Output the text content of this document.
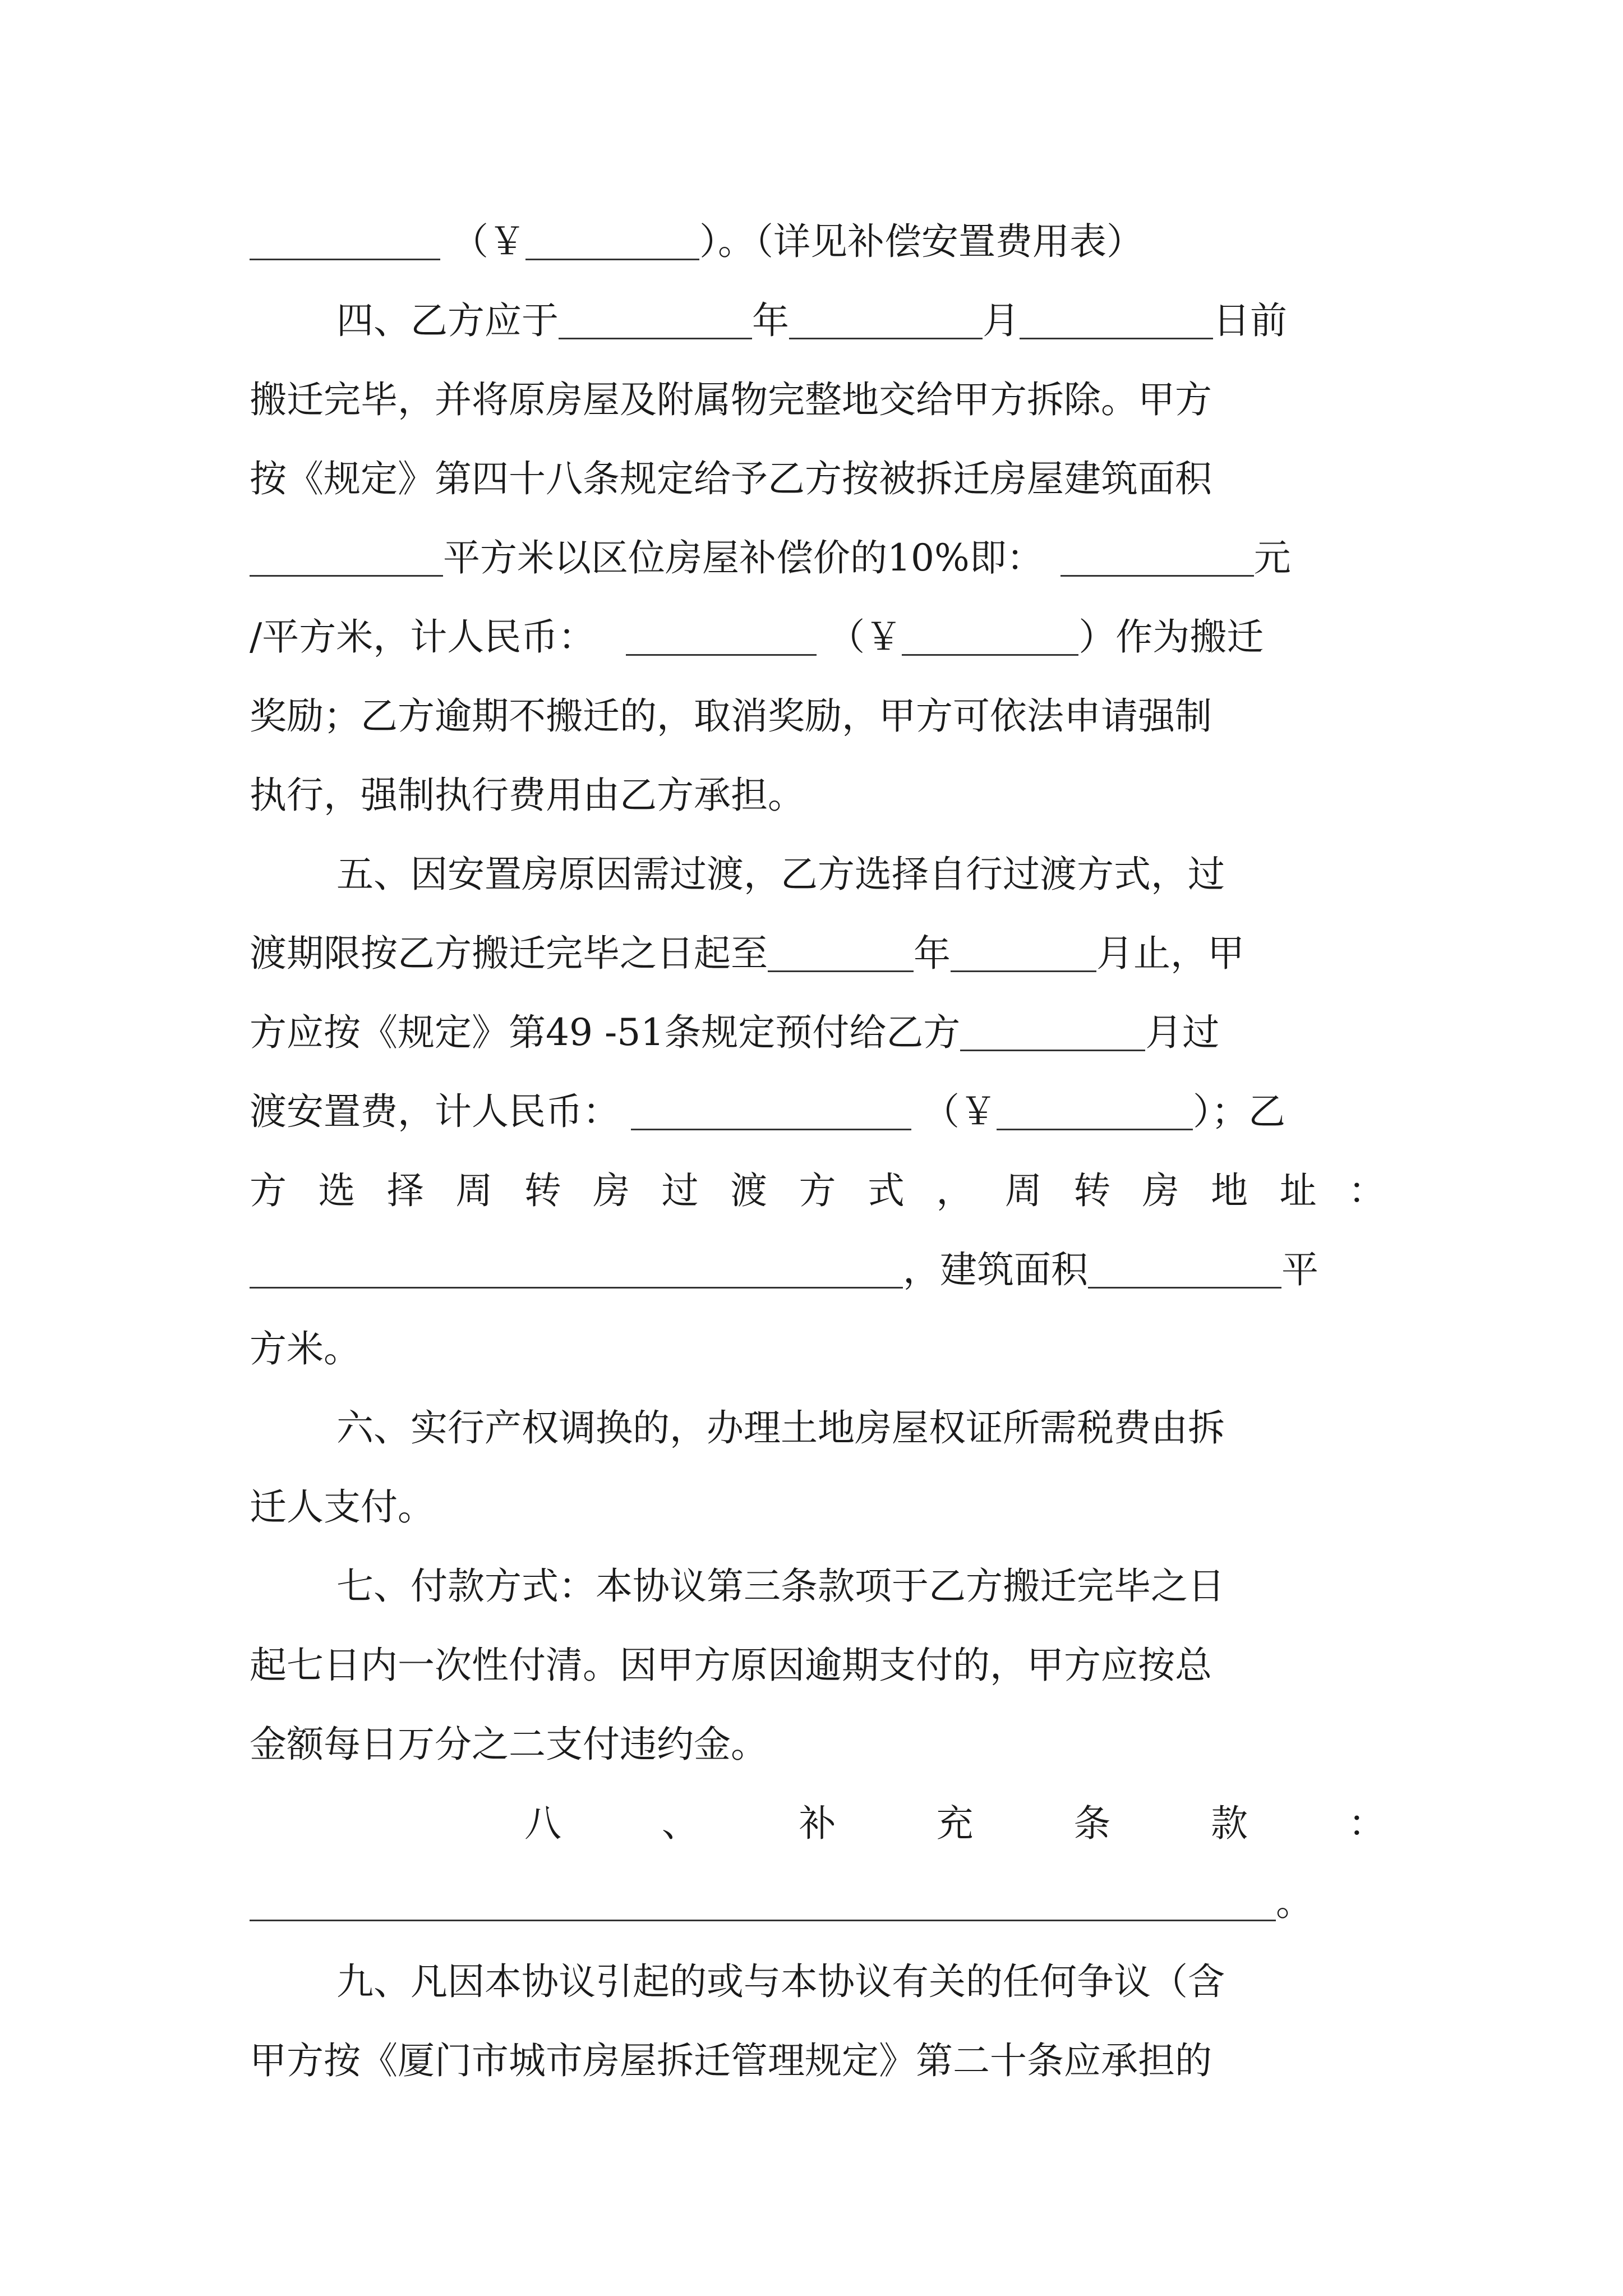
（￥	）。（详见补偿安置费用表）
四、乙方应于	年	月	日前
搬迁完毕，并将原房屋及附属物完整地交给甲方拆除。甲方
按《规定》第四十八条规定给予乙方按被拆迁房屋建筑面积
平方米以区位房屋补偿价的10%即：	元
/平方米，计人民币：	（￥	）作为搬迁
奖励；乙方逾期不搬迁的，取消奖励，甲方可依法申请强制
执行，强制执行费用由乙方承担。
五、因安置房原因需过渡，乙方选择自行过渡方式，过
渡期限按乙方搬迁完毕之日起至	年	月止，甲
方应按《规定》第49 -51条规定预付给乙方	月过
渡安置费，计人民币：	（￥	）；乙
方 选 择 周 转 房 过 渡 方 式 ， 周 转 房 地 址 ：
，建筑面积	平
方米。
六、实行产权调换的，办理土地房屋权证所需税费由拆
迁人支付。
七、付款方式：本协议第三条款项于乙方搬迁完毕之日
起七日内一次性付清。因甲方原因逾期支付的，甲方应按总
金额每日万分之二支付违约金。
八	、	补	充	条	款	：
。
九、凡因本协议引起的或与本协议有关的任何争议（含
甲方按《厦门市城市房屋拆迁管理规定》第二十条应承担的
